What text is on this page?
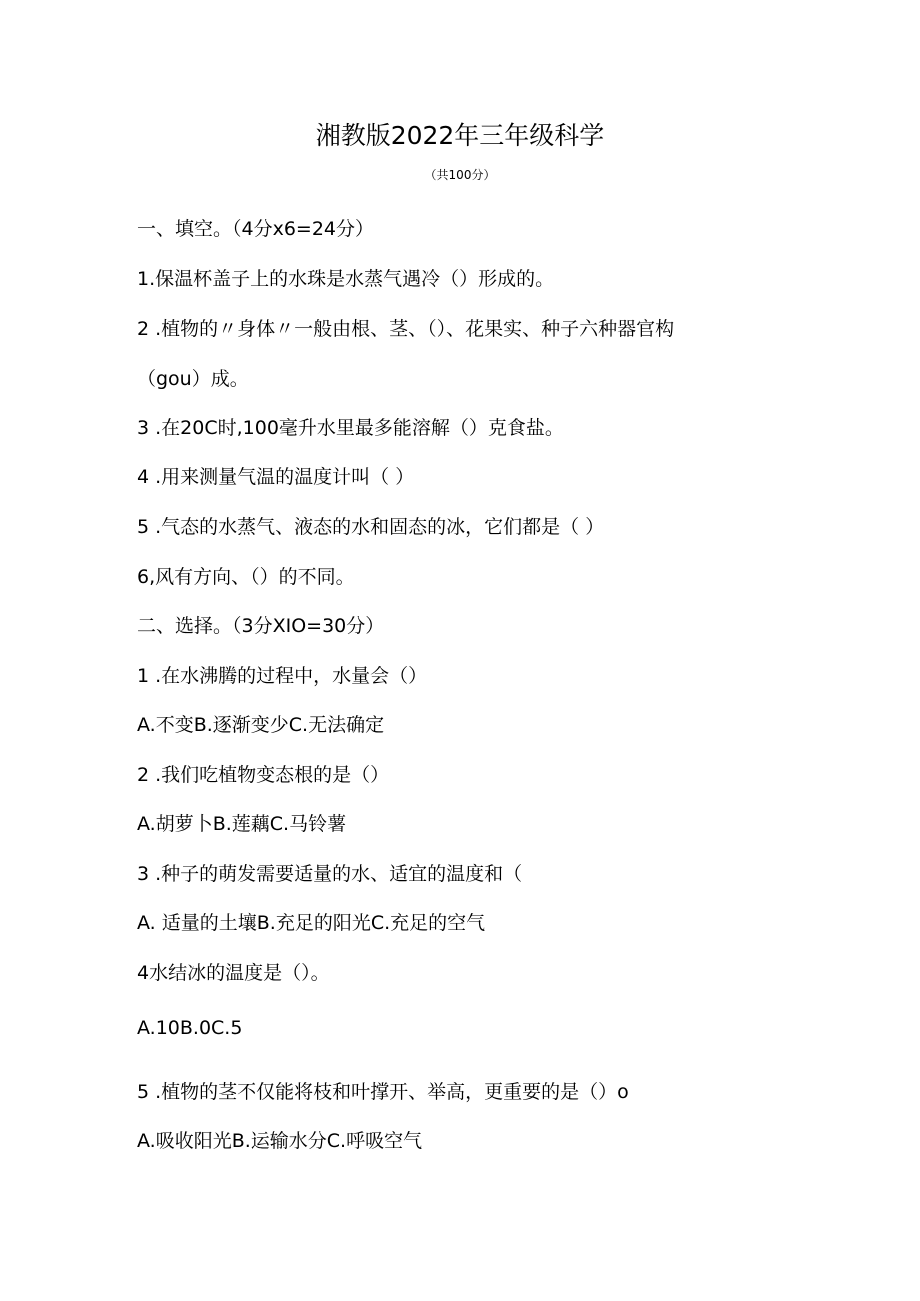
湘教版2022年三年级科学
（共100分）
一、填空。（4分x6=24分）
1.保温杯盖子上的水珠是水蒸气遇冷（）形成的。
2 .植物的〃身体〃一般由根、茎、（）、花果实、种子六种器官构
（gou）成。
3 .在20C时,100毫升水里最多能溶解（）克食盐。
4 .用来测量气温的温度计叫（ ）
5 .气态的水蒸气、液态的水和固态的冰，它们都是（ ）
6,风有方向、（）的不同。
二、选择。（3分XIO=30分）
1 .在水沸腾的过程中，水量会（）
A.不变B.逐渐变少C.无法确定
2 .我们吃植物变态根的是（）
A.胡萝卜B.莲藕C.马铃薯
3 .种子的萌发需要适量的水、适宜的温度和（
A. 适量的土壤B.充足的阳光C.充足的空气
4水结冰的温度是（）。
A.10B.0C.5
5 .植物的茎不仅能将枝和叶撑开、举高，更重要的是（）o
A.吸收阳光B.运输水分C.呼吸空气
